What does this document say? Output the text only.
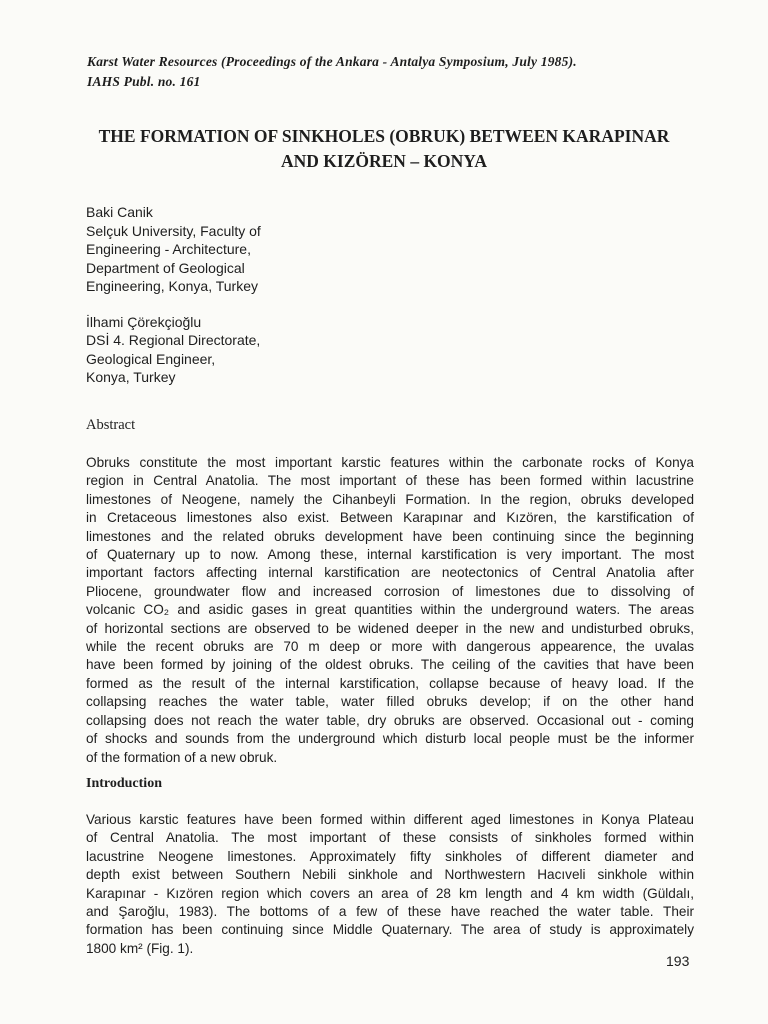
Karst Water Resources (Proceedings of the Ankara - Antalya Symposium, July 1985).
IAHS Publ. no. 161
THE FORMATION OF SINKHOLES (OBRUK) BETWEEN KARAPINAR
AND KIZÖREN – KONYA
Baki Canik
Selçuk University, Faculty of
Engineering - Architecture,
Department of Geological
Engineering, Konya, Turkey
İlhami Çörekçioğlu
DSİ 4. Regional Directorate,
Geological Engineer,
Konya, Turkey
Abstract
Obruks constitute the most important karstic features within the carbonate rocks of Konya
region in Central Anatolia. The most important of these has been formed within lacustrine
limestones of Neogene, namely the Cihanbeyli Formation. In the region, obruks developed
in Cretaceous limestones also exist. Between Karapınar and Kızören, the karstification of
limestones and the related obruks development have been continuing since the beginning
of Quaternary up to now. Among these, internal karstification is very important. The most
important factors affecting internal karstification are neotectonics of Central Anatolia after
Pliocene, groundwater flow and increased corrosion of limestones due to dissolving of
volcanic CO₂ and asidic gases in great quantities within the underground waters. The areas
of horizontal sections are observed to be widened deeper in the new and undisturbed obruks,
while the recent obruks are 70 m deep or more with dangerous appearence, the uvalas
have been formed by joining of the oldest obruks. The ceiling of the cavities that have been
formed as the result of the internal karstification, collapse because of heavy load. If the
collapsing reaches the water table, water filled obruks develop; if on the other hand
collapsing does not reach the water table, dry obruks are observed. Occasional out - coming
of shocks and sounds from the underground which disturb local people must be the informer
of the formation of a new obruk.
Introduction
Various karstic features have been formed within different aged limestones in Konya Plateau
of Central Anatolia. The most important of these consists of sinkholes formed within
lacustrine Neogene limestones. Approximately fifty sinkholes of different diameter and
depth exist between Southern Nebili sinkhole and Northwestern Hacıveli sinkhole within
Karapınar - Kızören region which covers an area of 28 km length and 4 km width (Güldalı,
and Şaroğlu, 1983). The bottoms of a few of these have reached the water table. Their
formation has been continuing since Middle Quaternary. The area of study is approximately
1800 km² (Fig. 1).
193
